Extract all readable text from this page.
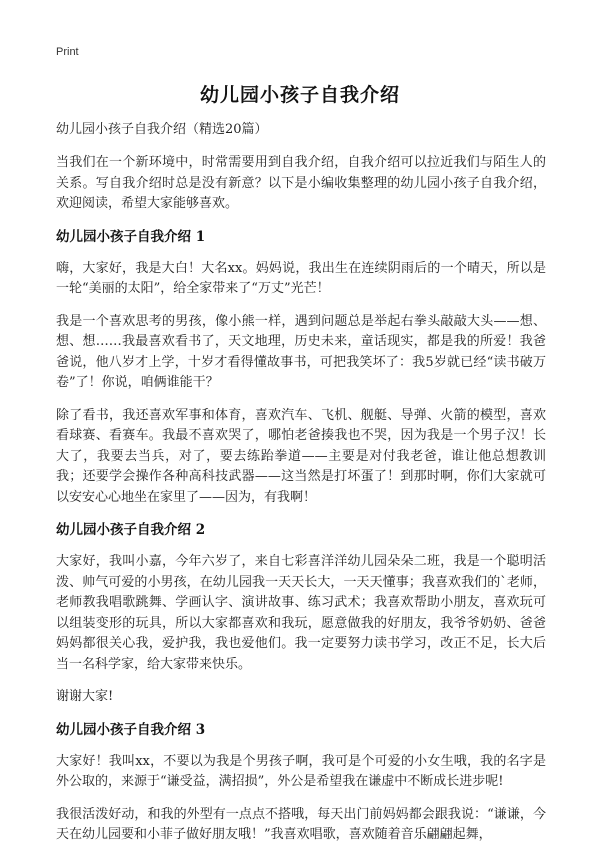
Print
幼儿园小孩子自我介绍
幼儿园小孩子自我介绍（精选20篇）

当我们在一个新环境中，时常需要用到自我介绍，自我介绍可以拉近我们与陌生人的关系。写自我介绍时总是没有新意？以下是小编收集整理的幼儿园小孩子自我介绍，欢迎阅读，希望大家能够喜欢。

幼儿园小孩子自我介绍 1

嗨，大家好，我是大白！大名xx。妈妈说，我出生在连续阴雨后的一个晴天，所以是一轮“美丽的太阳”，给全家带来了“万丈”光芒！

我是一个喜欢思考的男孩，像小熊一样，遇到问题总是举起右拳头敲敲大头——想、想、想……我最喜欢看书了，天文地理，历史未来，童话现实，都是我的所爱！我爸爸说，他八岁才上学，十岁才看得懂故事书，可把我笑坏了：我5岁就已经“读书破万卷”了！你说，咱俩谁能干？

除了看书，我还喜欢军事和体育，喜欢汽车、飞机、舰艇、导弹、火箭的模型，喜欢看球赛、看赛车。我最不喜欢哭了，哪怕老爸揍我也不哭，因为我是一个男子汉！长大了，我要去当兵，对了，要去练跆拳道——主要是对付我老爸，谁让他总想教训我；还要学会操作各种高科技武器——这当然是打坏蛋了！到那时啊，你们大家就可以安安心心地坐在家里了——因为，有我啊！

幼儿园小孩子自我介绍 2

大家好，我叫小嘉，今年六岁了，来自七彩喜洋洋幼儿园朵朵二班，我是一个聪明活泼、帅气可爱的小男孩，在幼儿园我一天天长大，一天天懂事；我喜欢我们的`老师，老师教我唱歌跳舞、学画认字、演讲故事、练习武术；我喜欢帮助小朋友，喜欢玩可以组装变形的玩具，所以大家都喜欢和我玩，愿意做我的好朋友，我爷爷奶奶、爸爸妈妈都很关心我，爱护我，我也爱他们。我一定要努力读书学习，改正不足，长大后当一名科学家，给大家带来快乐。

谢谢大家!

幼儿园小孩子自我介绍 3

大家好！我叫xx，不要以为我是个男孩子啊，我可是个可爱的小女生哦，我的名字是外公取的，来源于“谦受益，满招损”，外公是希望我在谦虚中不断成长进步呢!

我很活泼好动，和我的外型有一点点不搭哦，每天出门前妈妈都会跟我说：“谦谦，今天在幼儿园要和小菲子做好朋友哦！”我喜欢唱歌，喜欢随着音乐翩翩起舞，
